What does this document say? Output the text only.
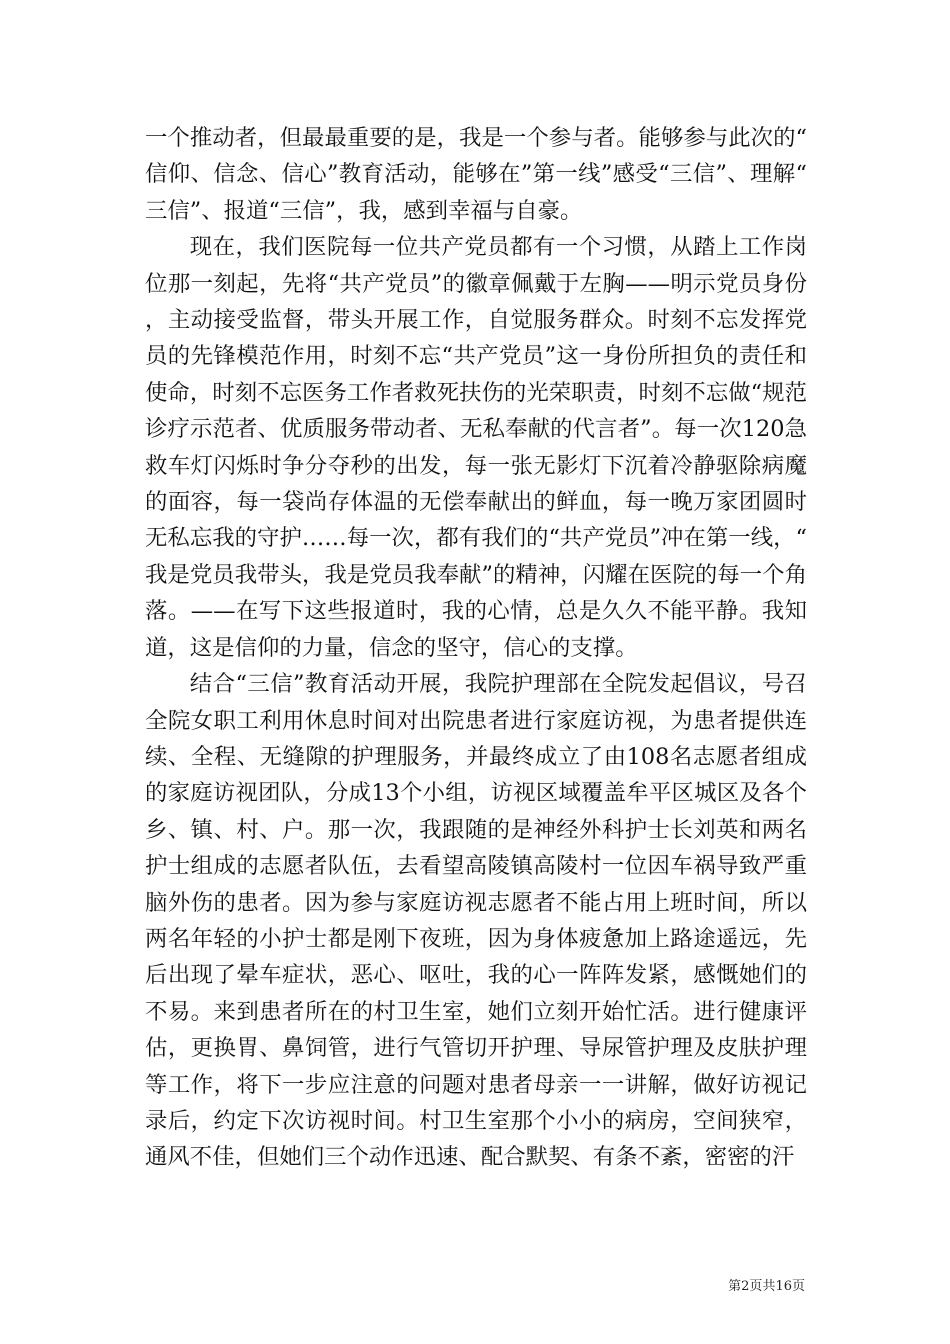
一个推动者，但最最重要的是，我是一个参与者。能够参与此次的“信仰、信念、信心”教育活动，能够在”第一线”感受“三信”、理解“三信”、报道“三信”，我，感到幸福与自豪。

现在，我们医院每一位共产党员都有一个习惯，从踏上工作岗位那一刻起，先将“共产党员”的徽章佩戴于左胸——明示党员身份，主动接受监督，带头开展工作，自觉服务群众。时刻不忘发挥党员的先锋模范作用，时刻不忘“共产党员”这一身份所担负的责任和使命，时刻不忘医务工作者救死扶伤的光荣职责，时刻不忘做“规范诊疗示范者、优质服务带动者、无私奉献的代言者”。每一次120急救车灯闪烁时争分夺秒的出发，每一张无影灯下沉着冷静驱除病魔的面容，每一袋尚存体温的无偿奉献出的鲜血，每一晚万家团圆时无私忘我的守护……每一次，都有我们的“共产党员”冲在第一线，“我是党员我带头，我是党员我奉献”的精神，闪耀在医院的每一个角落。——在写下这些报道时，我的心情，总是久久不能平静。我知道，这是信仰的力量，信念的坚守，信心的支撑。

结合“三信”教育活动开展，我院护理部在全院发起倡议，号召全院女职工利用休息时间对出院患者进行家庭访视，为患者提供连续、全程、无缝隙的护理服务，并最终成立了由108名志愿者组成的家庭访视团队，分成13个小组，访视区域覆盖牟平区城区及各个乡、镇、村、户。那一次，我跟随的是神经外科护士长刘英和两名护士组成的志愿者队伍，去看望高陵镇高陵村一位因车祸导致严重脑外伤的患者。因为参与家庭访视志愿者不能占用上班时间，所以两名年轻的小护士都是刚下夜班，因为身体疲惫加上路途遥远，先后出现了晕车症状，恶心、呕吐，我的心一阵阵发紧，感慨她们的不易。来到患者所在的村卫生室，她们立刻开始忙活。进行健康评估，更换胃、鼻饲管，进行气管切开护理、导尿管护理及皮肤护理等工作，将下一步应注意的问题对患者母亲一一讲解，做好访视记录后，约定下次访视时间。村卫生室那个小小的病房，空间狭窄，通风不佳，但她们三个动作迅速、配合默契、有条不紊，密密的汗

第2页共16页
